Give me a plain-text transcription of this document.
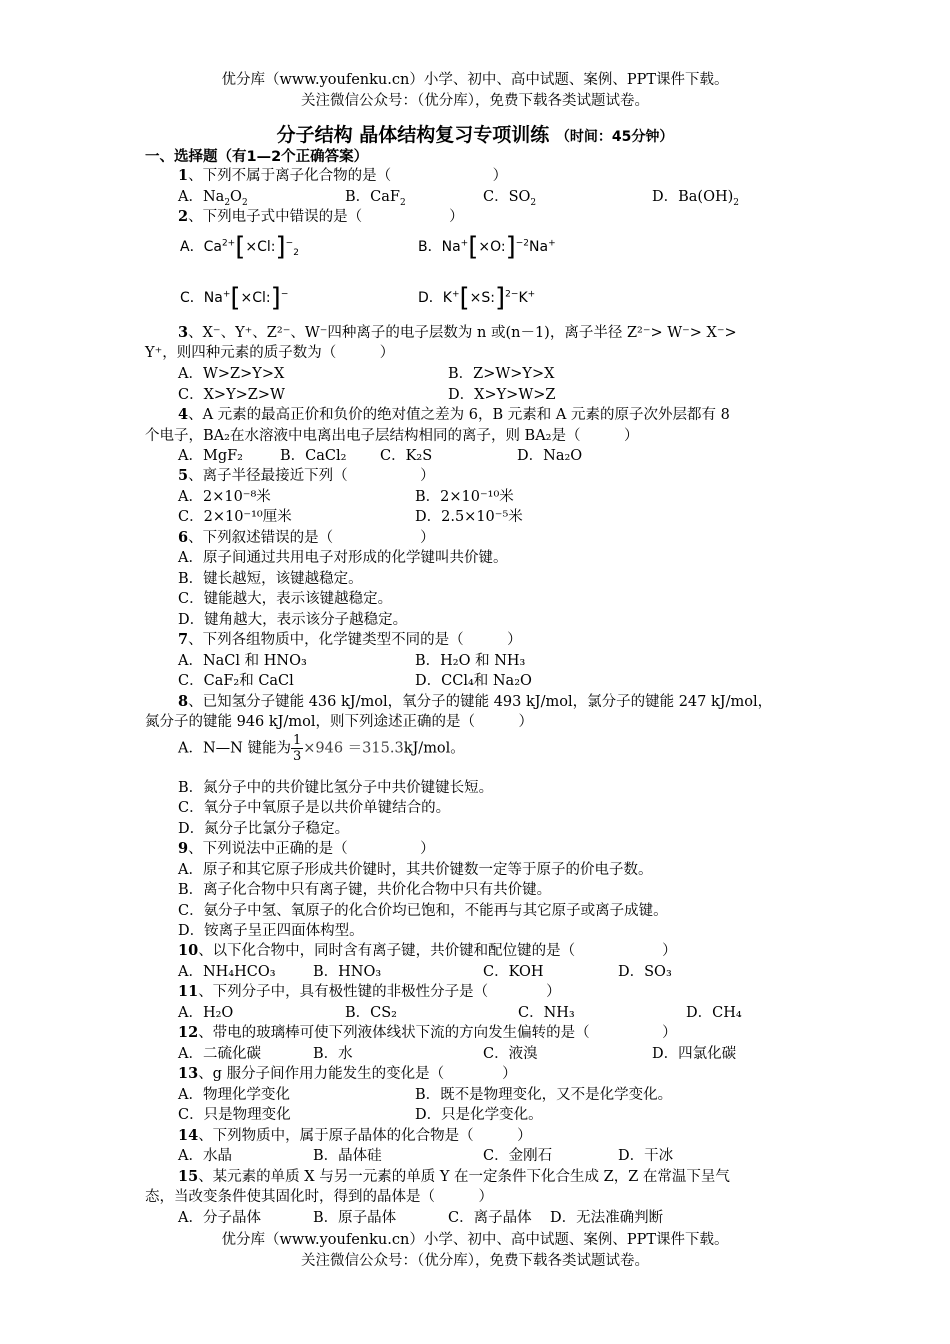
优分库（www.youfenku.cn）小学、初中、高中试题、案例、PPT课件下载。
关注微信公众号：（优分库），免费下载各类试题试卷。
分子结构 晶体结构复习专项训练 （时间：45分钟）
一、选择题（有1—2个正确答案）
1、下列不属于离子化合物的是（　　　　　　　）
A．$Na_2O_2$	B．CaF$_2$	C．$SO_2$	D．$Ba(OH)_2$
2、下列电子式中错误的是（　　　　　　）
A．$Ca^{2+}[\times Cl:]^-_2$	B．Na+[×O:]$^{-2}$Na+
C．Na+[×Cl:]−	D．K+[×S:]$^{2-}$K+
3、X⁻、Y⁺、Z²⁻、W⁻四种离子的电子层数为 n 或(n－1)，离子半径 Z²⁻> W⁻> X⁻>
Y⁺，则四种元素的质子数为（　　　）
A．W>Z>Y>X	B．Z>W>Y>X
C．X>Y>Z>W	D．X>Y>W>Z
4、A 元素的最高正价和负价的绝对值之差为 6，B 元素和 A 元素的原子次外层都有 8
个电子，BA₂在水溶液中电离出电子层结构相同的离子，则 BA₂是（　　　）
A．MgF₂	B．CaCl₂ C．K₂S	D．Na₂O
5、离子半径最接近下列（　　　　　）
A．2×10⁻⁸米	B．2×10⁻¹⁰米
C．2×10⁻¹⁰厘米	D．2.5×10⁻⁵米
6、下列叙述错误的是（　　　　　　）
A．原子间通过共用电子对形成的化学键叫共价键。
B．键长越短，该键越稳定。
C．键能越大，表示该键越稳定。
D．键角越大，表示该分子越稳定。
7、下列各组物质中，化学键类型不同的是（　　　）
A．NaCl 和 HNO₃	B．H₂O 和 NH₃
C．CaF₂和 CaCl	D．CCl₄和 Na₂O
8、已知氢分子键能 436 kJ/mol，氧分子的键能 493 kJ/mol，氯分子的键能 247 kJ/mol，
氮分子的键能 946 kJ/mol，则下列途述正确的是（　　　）
A．N—N 键能为 $\frac{1}{3} \times 946 =315.3kJ/mol$。
B．氮分子中的共价键比氢分子中共价键键长短。
C．氧分子中氧原子是以共价单键结合的。
D．氮分子比氯分子稳定。
9、下列说法中正确的是（　　　　　）
A．原子和其它原子形成共价键时，其共价键数一定等于原子的价电子数。
B．离子化合物中只有离子键，共价化合物中只有共价键。
C．氨分子中氢、氧原子的化合价均已饱和，不能再与其它原子或离子成键。
D．铵离子呈正四面体构型。
10、以下化合物中，同时含有离子键，共价键和配位键的是（　　　　　　）
A．NH₄HCO₃	B．HNO₃	C．KOH	D．SO₃
11、下列分子中，具有极性键的非极性分子是（　　　　）
A．H₂O	B．CS₂	C．NH₃	D．CH₄
12、带电的玻璃棒可使下列液体线状下流的方向发生偏转的是（　　　　　）
A．二硫化碳	B．水	C．液溴	D．四氯化碳
13、g 服分子间作用力能发生的变化是（　　　　）
A．物理化学变化	B．既不是物理变化，又不是化学变化。
C．只是物理变化	D．只是化学变化。
14、下列物质中，属于原子晶体的化合物是（　　　）
A．水晶	B．晶体硅	C．金刚石	D．干冰
15、某元素的单质 X 与另一元素的单质 Y 在一定条件下化合生成 Z，Z 在常温下呈气
态，当改变条件使其固化时，得到的晶体是（　　　）
A．分子晶体	B．原子晶体	C．离子晶体 D．无法准确判断
优分库（www.youfenku.cn）小学、初中、高中试题、案例、PPT课件下载。
关注微信公众号：（优分库），免费下载各类试题试卷。
